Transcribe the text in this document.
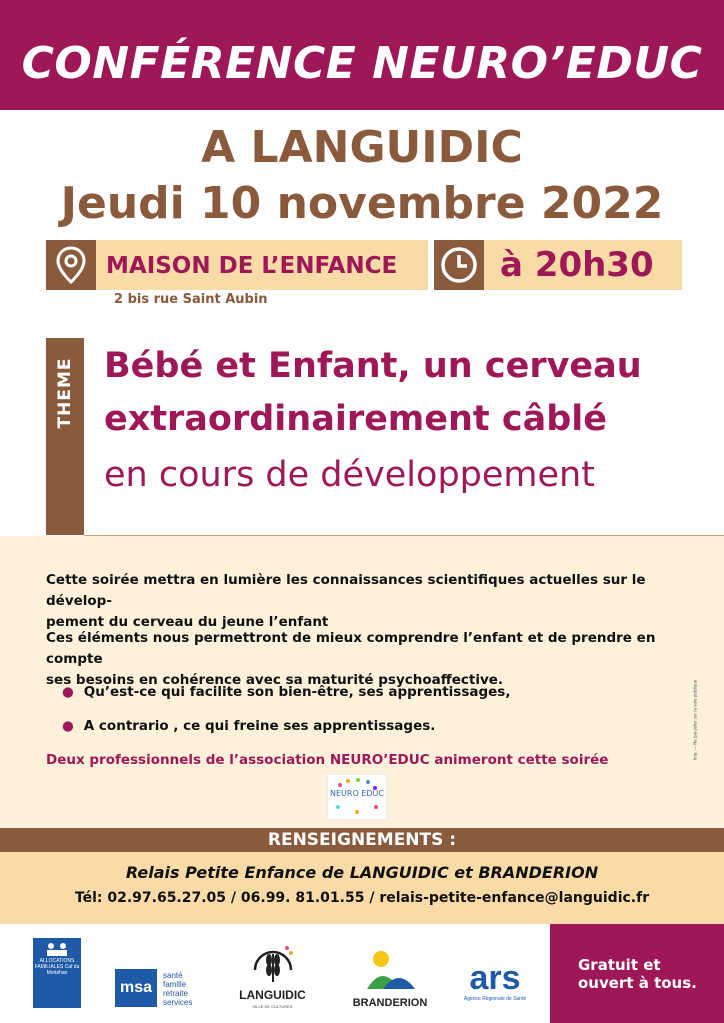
CONFÉRENCE NEURO’EDUC
A LANGUIDIC
Jeudi 10 novembre 2022
MAISON DE L’ENFANCE	à 20h30
2 bis rue Saint Aubin
THEME Bébé et Enfant, un cerveau
extraordinairement câblé
en cours de développement
Cette soirée mettra en lumière les connaissances scientifiques actuelles sur le dévelop-
pement du cerveau du jeune l’enfant
Ces éléments nous permettront de mieux comprendre l’enfant et de prendre en compte
ses besoins en cohérence avec sa maturité psychoaffective.
● Qu’est-ce qui facilite son bien-être, ses apprentissages,
● A contrario , ce qui freine ses apprentissages.
Deux professionnels de l’association NEURO’EDUC animeront cette soirée	Imp. — Ne pas jeter sur la voie publique
NEURO EDUC
RENSEIGNEMENTS :
Relais Petite Enfance de LANGUIDIC et BRANDERION
Tél: 02.97.65.27.05 / 06.99. 81.01.55 / relais-petite-enfance@languidic.fr
ALLOCATIONS FAMILIALES Caf du Morbihan
msa
santé
famille
retraite
services
LANGUIDIC
VILLE DE CULTURES	BRANDERION
ars
Agence Régionale de Santé
Gratuit et
ouvert à tous.
